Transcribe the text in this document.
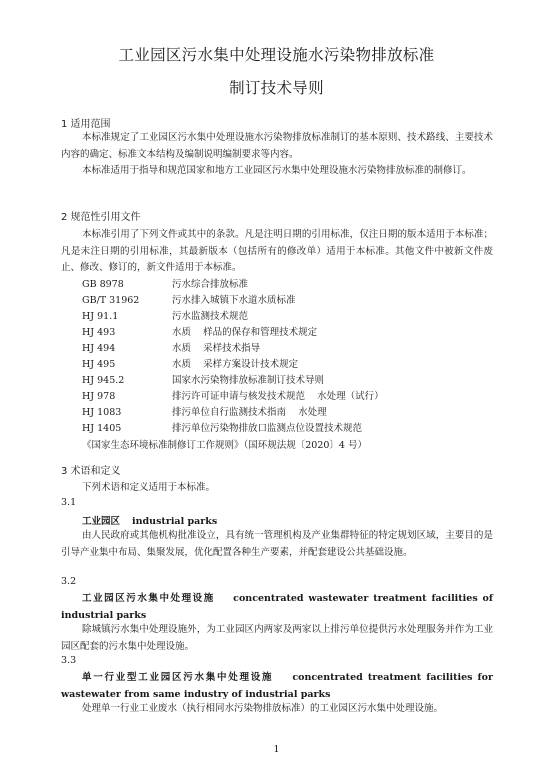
工业园区污水集中处理设施水污染物排放标准
制订技术导则
1 适用范围

本标准规定了工业园区污水集中处理设施水污染物排放标准制订的基本原则、技术路线、主要技术内容的确定、标准文本结构及编制说明编制要求等内容。

本标准适用于指导和规范国家和地方工业园区污水集中处理设施水污染物排放标准的制修订。

2 规范性引用文件

本标准引用了下列文件或其中的条款。凡是注明日期的引用标准，仅注日期的版本适用于本标准；凡是未注日期的引用标准，其最新版本（包括所有的修改单）适用于本标准。其他文件中被新文件废止、修改、修订的，新文件适用于本标准。

GB 8978	污水综合排放标准
GB/T 31962	污水排入城镇下水道水质标准
HJ 91.1	污水监测技术规范
HJ 493	水质    样品的保存和管理技术规定
HJ 494	水质    采样技术指导
HJ 495	水质    采样方案设计技术规定
HJ 945.2	国家水污染物排放标准制订技术导则
HJ 978	排污许可证申请与核发技术规范    水处理（试行）
HJ 1083	排污单位自行监测技术指南    水处理
HJ 1405	排污单位污染物排放口监测点位设置技术规范
《国家生态环境标准制修订工作规则》（国环规法规〔2020〕4 号）
3 术语和定义

下列术语和定义适用于本标准。

3.1
工业园区 industrial parks

由人民政府或其他机构批准设立，具有统一管理机构及产业集群特征的特定规划区域，主要目的是引导产业集中布局、集聚发展，优化配置各种生产要素，并配套建设公共基础设施。

3.2

工业园区污水集中处理设施 concentrated wastewater treatment facilities of industrial parks

除城镇污水集中处理设施外，为工业园区内两家及两家以上排污单位提供污水处理服务并作为工业园区配套的污水集中处理设施。

3.3

单一行业型工业园区污水集中处理设施 concentrated treatment facilities for wastewater from same industry of industrial parks

处理单一行业工业废水（执行相同水污染物排放标准）的工业园区污水集中处理设施。

1
